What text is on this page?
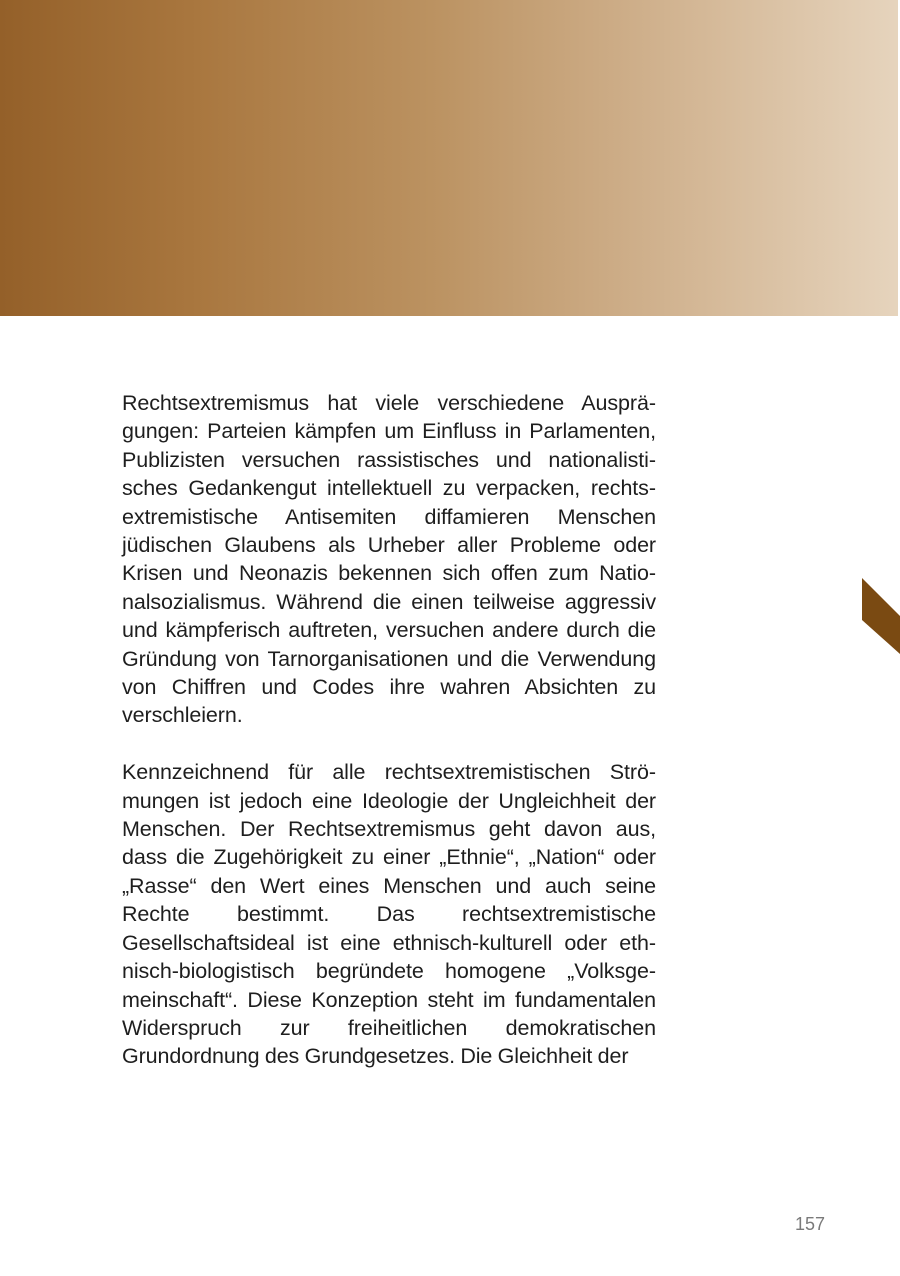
Rechtsextremismus hat viele verschiedene Ausprägungen: Parteien kämpfen um Einfluss in Parlamenten, Publizisten versuchen rassistisches und nationalistisches Gedankengut intellektuell zu verpacken, rechtsextremistische Antisemiten diffamieren Menschen jüdischen Glaubens als Urheber aller Probleme oder Krisen und Neonazis bekennen sich offen zum Nationalsozialismus. Während die einen teilweise aggressiv und kämpferisch auftreten, versuchen andere durch die Gründung von Tarnorganisationen und die Verwendung von Chiffren und Codes ihre wahren Absichten zu verschleiern.

Kennzeichnend für alle rechtsextremistischen Strömungen ist jedoch eine Ideologie der Ungleichheit der Menschen. Der Rechtsextremismus geht davon aus, dass die Zugehörigkeit zu einer „Ethnie“, „Nation“ oder „Rasse“ den Wert eines Menschen und auch seine Rechte bestimmt. Das rechtsextremistische Gesellschaftsideal ist eine ethnisch-kulturell oder ethnisch-biologistisch begründete homogene „Volksgemeinschaft“. Diese Konzeption steht im fundamentalen Widerspruch zur freiheitlichen demokratischen Grundordnung des Grundgesetzes. Die Gleichheit der

157
